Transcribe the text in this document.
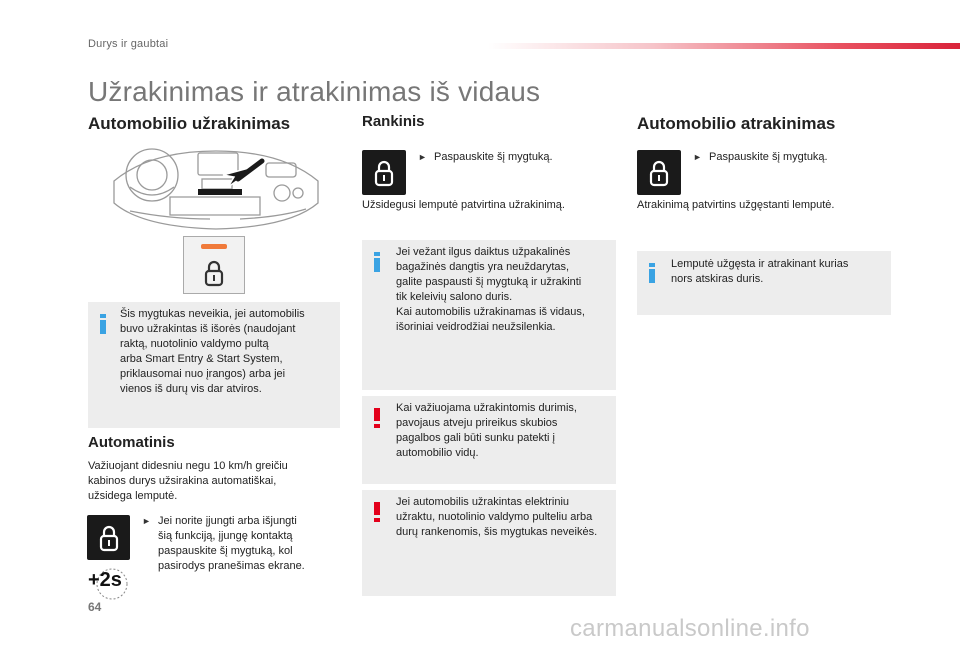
Durys ir gaubtai
Užrakinimas ir atrakinimas iš vidaus
Automobilio užrakinimas
Šis mygtukas neveikia, jei automobilis
buvo užrakintas iš išorės (naudojant
raktą, nuotolinio valdymo pultą
arba Smart Entry & Start System,
priklausomai nuo įrangos) arba jei
vienos iš durų vis dar atviros.
Automatinis
Važiuojant didesniu negu 10 km/h greičiu
kabinos durys užsirakina automatiškai,
užsidega lemputė.
► Jei norite įjungti arba išjungti
šią funkciją, įjungę kontaktą
paspauskite šį mygtuką, kol
pasirodys pranešimas ekrane.
+2s
Rankinis
► Paspauskite šį mygtuką.
Užsidegusi lemputė patvirtina užrakinimą.
Jei vežant ilgus daiktus užpakalinės
bagažinės dangtis yra neuždarytas,
galite paspausti šį mygtuką ir užrakinti
tik keleivių salono duris.
Kai automobilis užrakinamas iš vidaus,
išoriniai veidrodžiai neužsilenkia.
Kai važiuojama užrakintomis durimis,
pavojaus atveju prireikus skubios
pagalbos gali būti sunku patekti į
automobilio vidų.
Jei automobilis užrakintas elektriniu
užraktu, nuotolinio valdymo pulteliu arba
durų rankenomis, šis mygtukas neveikės.
Automobilio atrakinimas
► Paspauskite šį mygtuką.
Atrakinimą patvirtins užgęstanti lemputė.
Lemputė užgęsta ir atrakinant kurias
nors atskiras duris.
64
carmanualsonline.info
